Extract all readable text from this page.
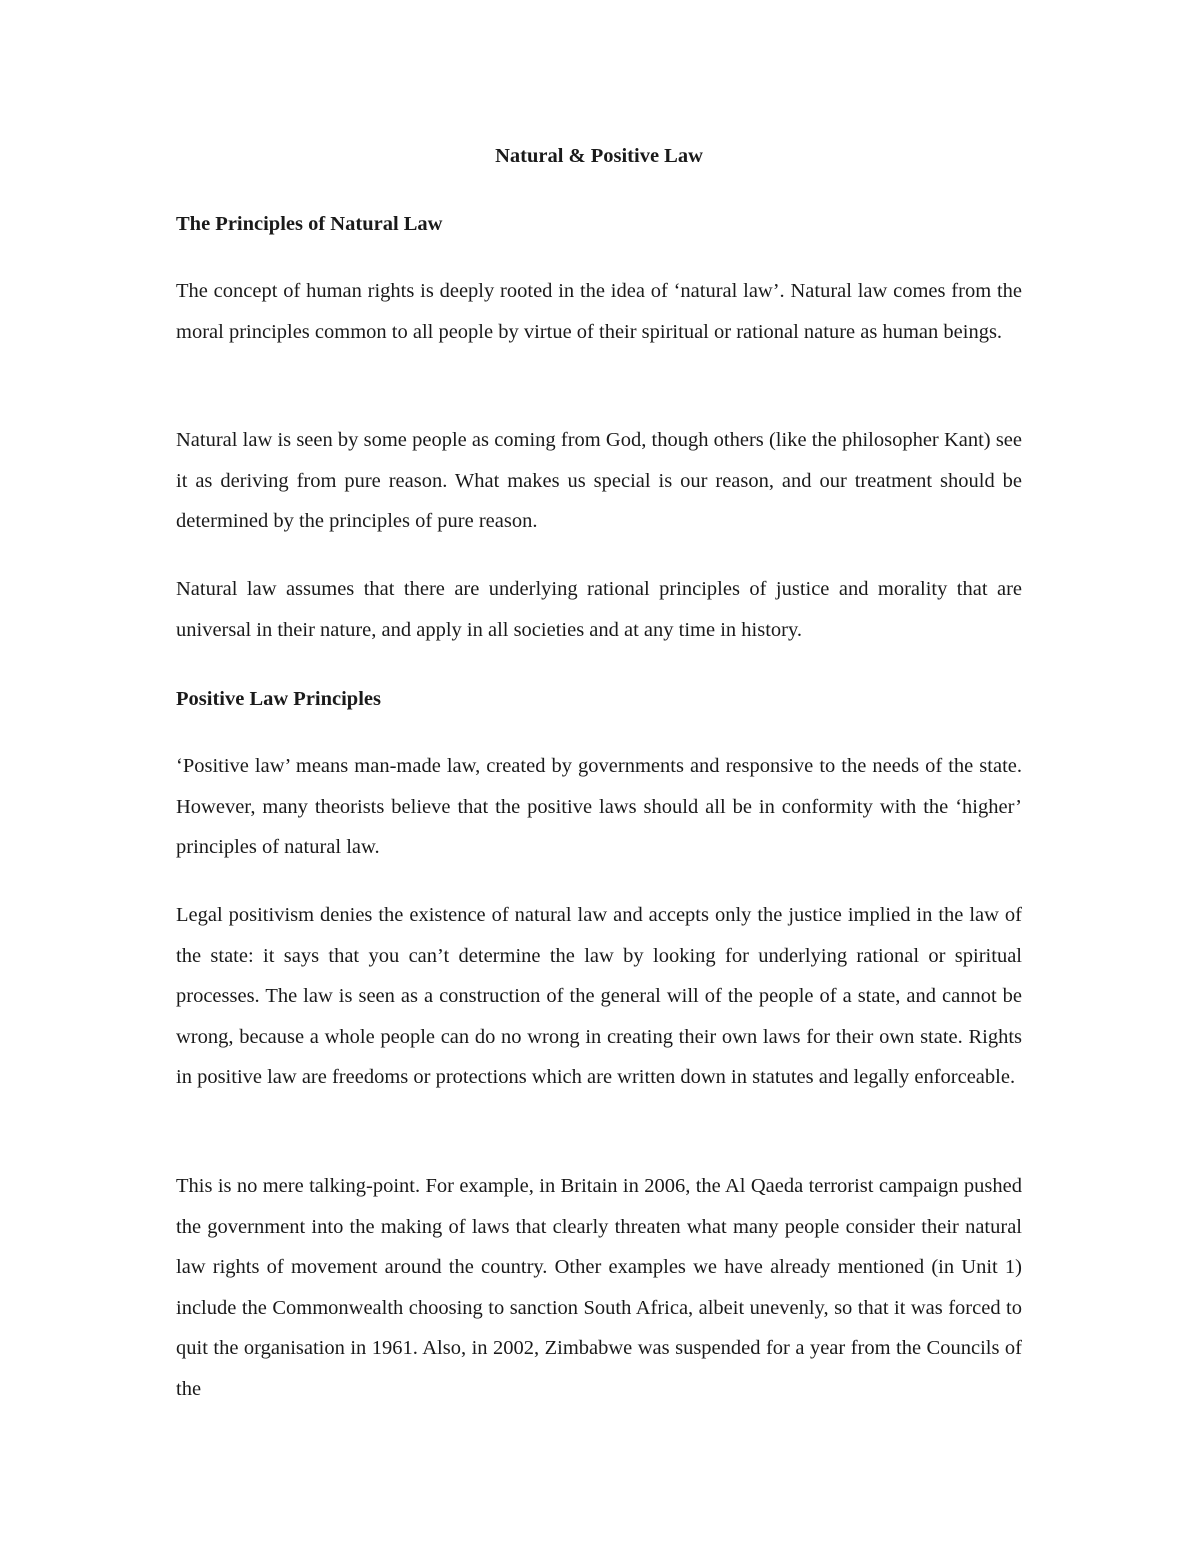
Natural & Positive Law
The Principles of Natural Law

The concept of human rights is deeply rooted in the idea of ‘natural law’. Natural law comes from the moral principles common to all people by virtue of their spiritual or rational nature as human beings.

Natural law is seen by some people as coming from God, though others (like the philosopher Kant) see it as deriving from pure reason. What makes us special is our reason, and our treatment should be determined by the principles of pure reason.

Natural law assumes that there are underlying rational principles of justice and morality that are universal in their nature, and apply in all societies and at any time in history.

Positive Law Principles

‘Positive law’ means man-made law, created by governments and responsive to the needs of the state. However, many theorists believe that the positive laws should all be in conformity with the ‘higher’ principles of natural law.

Legal positivism denies the existence of natural law and accepts only the justice implied in the law of the state: it says that you can’t determine the law by looking for underlying rational or spiritual processes. The law is seen as a construction of the general will of the people of a state, and cannot be wrong, because a whole people can do no wrong in creating their own laws for their own state. Rights in positive law are freedoms or protections which are written down in statutes and legally enforceable.

This is no mere talking-point. For example, in Britain in 2006, the Al Qaeda terrorist campaign pushed the government into the making of laws that clearly threaten what many people consider their natural law rights of movement around the country. Other examples we have already mentioned (in Unit 1) include the Commonwealth choosing to sanction South Africa, albeit unevenly, so that it was forced to quit the organisation in 1961. Also, in 2002, Zimbabwe was suspended for a year from the Councils of the
